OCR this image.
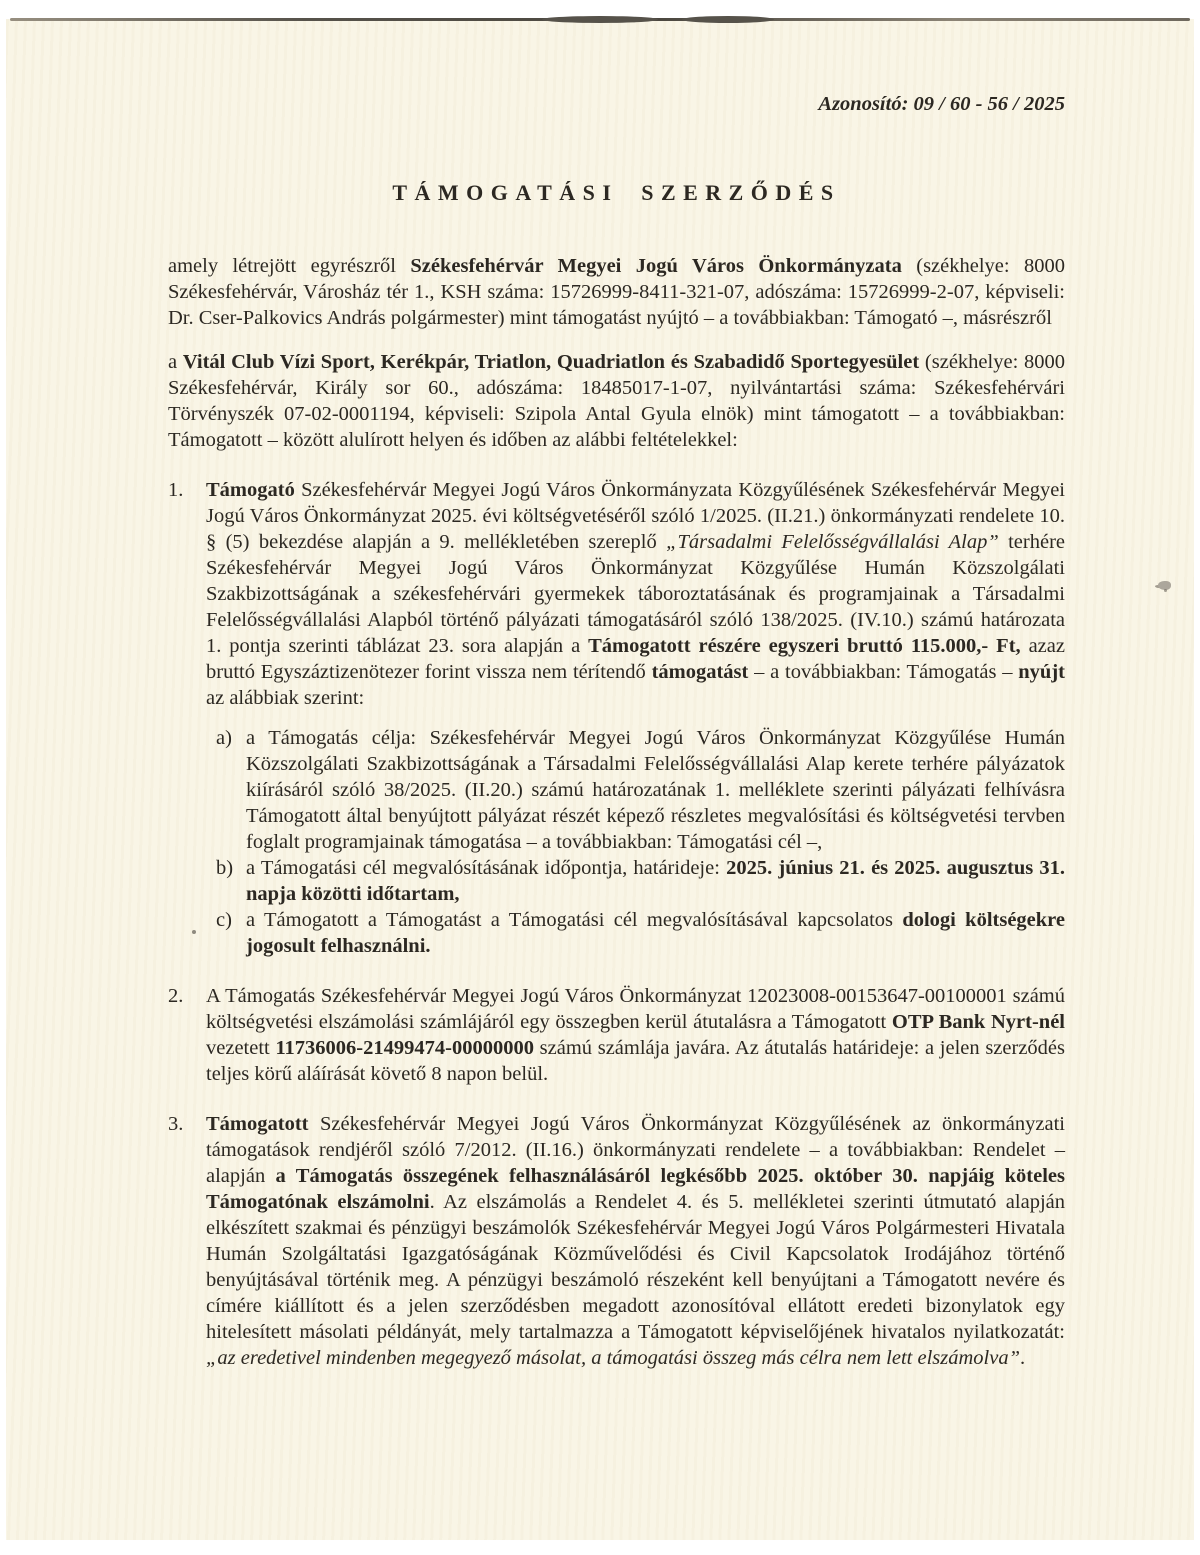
Azonosító: 09 / 60 - 56 / 2025
TÁMOGATÁSI SZERZŐDÉS

amely létrejött egyrészről Székesfehérvár Megyei Jogú Város Önkormányzata (székhelye: 8000 Székesfehérvár, Városház tér 1., KSH száma: 15726999-8411-321-07, adószáma: 15726999-2-07, képviseli: Dr. Cser-Palkovics András polgármester) mint támogatást nyújtó – a továbbiakban: Támogató –, másrészről

a Vitál Club Vízi Sport, Kerékpár, Triatlon, Quadriatlon és Szabadidő Sportegyesület (székhelye: 8000 Székesfehérvár, Király sor 60., adószáma: 18485017-1-07, nyilvántartási száma: Székesfehérvári Törvényszék 07-02-0001194, képviseli: Szipola Antal Gyula elnök) mint támogatott – a továbbiakban: Támogatott – között alulírott helyen és időben az alábbi feltételekkel:

1. Támogató Székesfehérvár Megyei Jogú Város Önkormányzata Közgyűlésének Székesfehérvár Megyei Jogú Város Önkormányzat 2025. évi költségvetéséről szóló 1/2025. (II.21.) önkormányzati rendelete 10. § (5) bekezdése alapján a 9. mellékletében szereplő „Társadalmi Felelősségvállalási Alap” terhére Székesfehérvár Megyei Jogú Város Önkormányzat Közgyűlése Humán Közszolgálati Szakbizottságának a székesfehérvári gyermekek táboroztatásának és programjainak a Társadalmi Felelősségvállalási Alapból történő pályázati támogatásáról szóló 138/2025. (IV.10.) számú határozata 1. pontja szerinti táblázat 23. sora alapján a Támogatott részére egyszeri bruttó 115.000,- Ft, azaz bruttó Egyszáztizenötezer forint vissza nem térítendő támogatást – a továbbiakban: Támogatás – nyújt az alábbiak szerint:

a) a Támogatás célja: Székesfehérvár Megyei Jogú Város Önkormányzat Közgyűlése Humán Közszolgálati Szakbizottságának a Társadalmi Felelősségvállalási Alap kerete terhére pályázatok kiírásáról szóló 38/2025. (II.20.) számú határozatának 1. melléklete szerinti pályázati felhívásra Támogatott által benyújtott pályázat részét képező részletes megvalósítási és költségvetési tervben foglalt programjainak támogatása – a továbbiakban: Támogatási cél –,

b) a Támogatási cél megvalósításának időpontja, határideje: 2025. június 21. és 2025. augusztus 31. napja közötti időtartam,

c) a Támogatott a Támogatást a Támogatási cél megvalósításával kapcsolatos dologi költségekre jogosult felhasználni.

2. A Támogatás Székesfehérvár Megyei Jogú Város Önkormányzat 12023008-00153647-00100001 számú költségvetési elszámolási számlájáról egy összegben kerül átutalásra a Támogatott OTP Bank Nyrt-nél vezetett 11736006-21499474-00000000 számú számlája javára. Az átutalás határideje: a jelen szerződés teljes körű aláírását követő 8 napon belül.

3. Támogatott Székesfehérvár Megyei Jogú Város Önkormányzat Közgyűlésének az önkormányzati támogatások rendjéről szóló 7/2012. (II.16.) önkormányzati rendelete – a továbbiakban: Rendelet – alapján a Támogatás összegének felhasználásáról legkésőbb 2025. október 30. napjáig köteles Támogatónak elszámolni. Az elszámolás a Rendelet 4. és 5. mellékletei szerinti útmutató alapján elkészített szakmai és pénzügyi beszámolók Székesfehérvár Megyei Jogú Város Polgármesteri Hivatala Humán Szolgáltatási Igazgatóságának Közművelődési és Civil Kapcsolatok Irodájához történő benyújtásával történik meg. A pénzügyi beszámoló részeként kell benyújtani a Támogatott nevére és címére kiállított és a jelen szerződésben megadott azonosítóval ellátott eredeti bizonylatok egy hitelesített másolati példányát, mely tartalmazza a Támogatott képviselőjének hivatalos nyilatkozatát: „az eredetivel mindenben megegyező másolat, a támogatási összeg más célra nem lett elszámolva”.
